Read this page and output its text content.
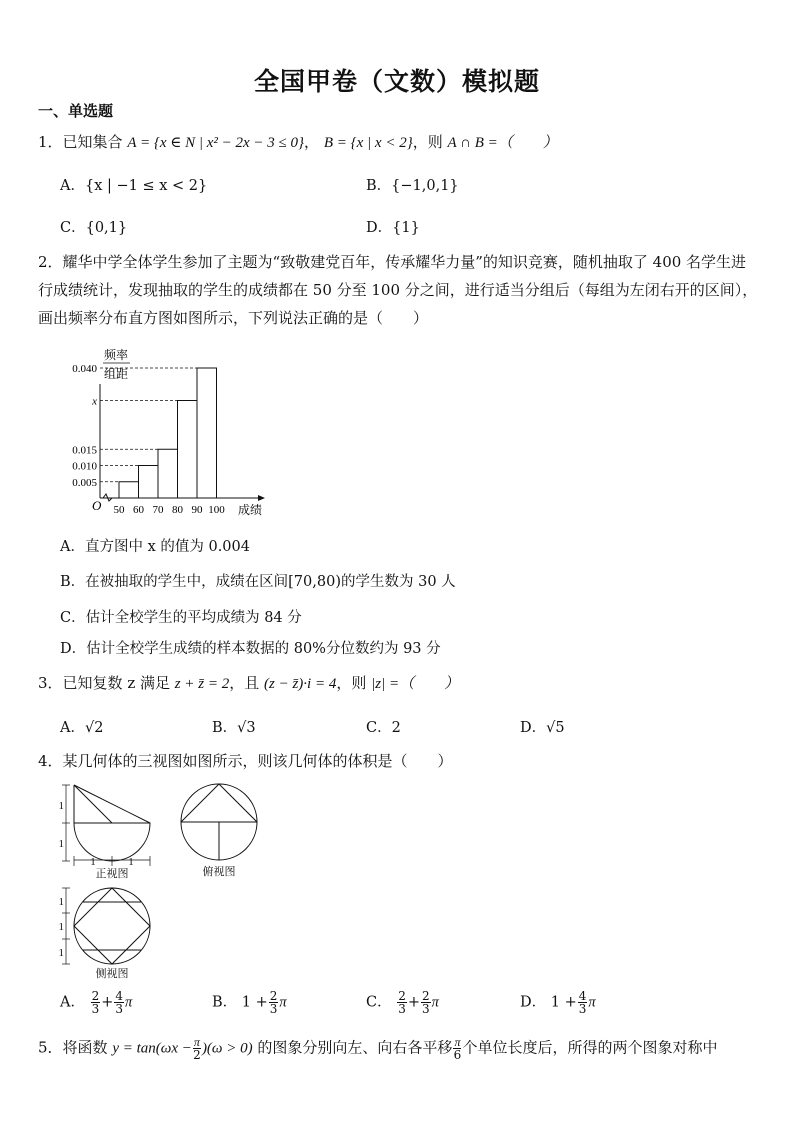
全国甲卷（文数）模拟题
一、单选题
1．已知集合 A = {x ∈ N | x² − 2x − 3 ≤ 0}， B = {x | x < 2}，则 A ∩ B =（　　）
A．{x | −1 ≤ x < 2}	B．{−1,0,1}
C．{0,1}	D．{1}
2．耀华中学全体学生参加了主题为“致敬建党百年，传承耀华力量”的知识竞赛，随机抽取了 400 名学生进行成绩统计，发现抽取的学生的成绩都在 50 分至 100 分之间，进行适当分组后（每组为左闭右开的区间），画出频率分布直方图如图所示，下列说法正确的是（　　）
0.005
0.010
0.015
x
0.040
50 60 70 80 90 100
频率
组距
成绩
O
A．直方图中 x 的值为 0.004
B．在被抽取的学生中，成绩在区间[70,80)的学生数为 30 人
C．估计全校学生的平均成绩为 84 分
D．估计全校学生成绩的样本数据的 80%分位数约为 93 分
3．已知复数 z 满足 z + z̄ = 2，且 (z − z̄)·i = 4，则 |z| =（　　）
A．√2	B．√3	C．2	D．√5
4．某几何体的三视图如图所示，则该几何体的体积是（　　）
1
1
1	1
1
1
1
正视图	俯视图
侧视图
A． $\frac{2}{3} + \frac{4}{3}$ π	B． $1 + \frac{2}{3}$ π	C． $\frac{2}{3} + \frac{2}{3}$ π	D． $1 + \frac{4}{3}$ π
5．将函数 $y = \tan(\omega x - \frac{\pi}{2} )(\omega > 0)$ 的图象分别向左、向右各平移 $\frac{\pi}{6}$ 个单位长度后，所得的两个图象对称中
